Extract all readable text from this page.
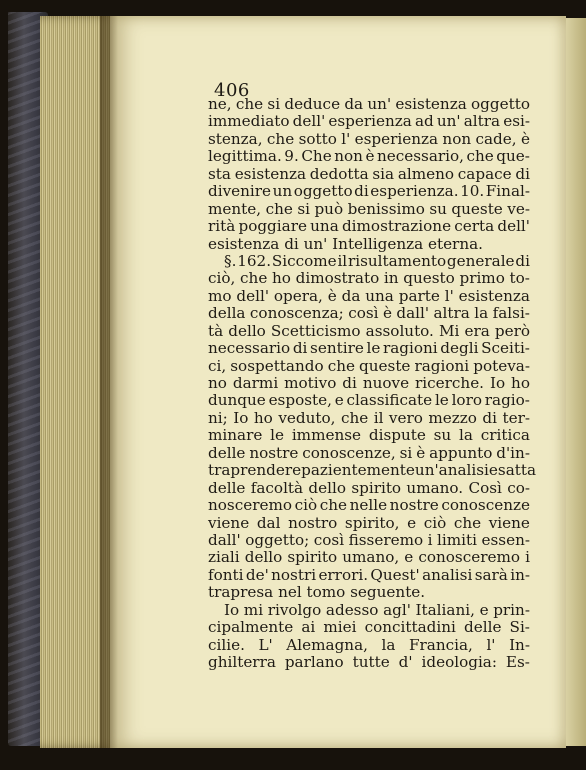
406
ne, che si deduce da un' esistenza oggetto
immediato dell' esperienza ad un' altra esi-
stenza, che sotto l' esperienza non cade, è
legittima. 9. Che non è necessario, che que-
sta esistenza dedotta sia almeno capace di
divenire un oggetto di esperienza. 10. Final-
mente, che si può benissimo su queste ve-
rità poggiare una dimostrazione certa dell'
esistenza di un' Intelligenza eterna.
§. 162. Siccome il risultamento generale di
ciò, che ho dimostrato in questo primo to-
mo dell' opera, è da una parte l' esistenza
della conoscenza; così è dall' altra la falsi-
tà dello Scetticismo assoluto. Mi era però
necessario di sentire le ragioni degli Sceiti-
ci, sospettando che queste ragioni poteva-
no darmi motivo di nuove ricerche. Io ho
dunque esposte, e classificate le loro ragio-
ni; Io ho veduto, che il vero mezzo di ter-
minare le immense dispute su la critica
delle nostre conoscenze, si è appunto d'in-
traprendere pazientemente un' analisi esatta
delle facoltà dello spirito umano. Così co-
nosceremo ciò che nelle nostre conoscenze
viene dal nostro spirito, e ciò che viene
dall' oggetto; così fisseremo i limiti essen-
ziali dello spirito umano, e conosceremo i
fonti de' nostri errori. Quest' analisi sarà in-
trapresa nel tomo seguente.
Io mi rivolgo adesso agl' Italiani, e prin-
cipalmente ai miei concittadini delle Si-
cilie. L' Alemagna, la Francia, l' In-
ghilterra parlano tutte d' ideologia: Es-
